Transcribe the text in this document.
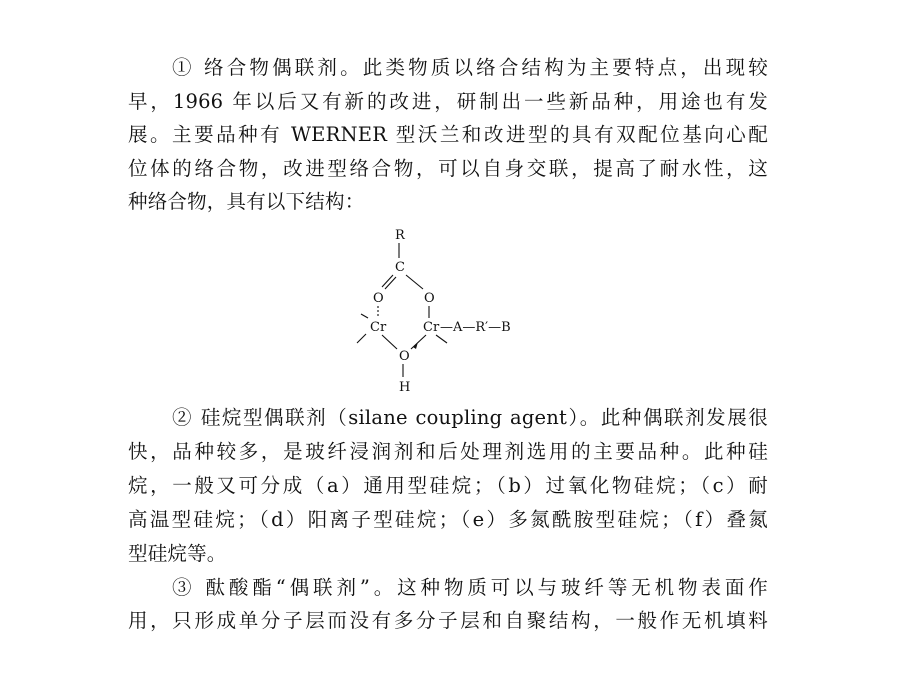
① 络合物偶联剂。此类物质以络合结构为主要特点，出现较
早，1966 年以后又有新的改进，研制出一些新品种，用途也有发
展。主要品种有 WERNER 型沃兰和改进型的具有双配位基向心配
位体的络合物，改进型络合物，可以自身交联，提高了耐水性，这
种络合物，具有以下结构：
R
C
O	O
Cr	Cr —A—R′—B
O
H
② 硅烷型偶联剂（silane coupling agent）。此种偶联剂发展很
快，品种较多，是玻纤浸润剂和后处理剂选用的主要品种。此种硅
烷，一般又可分成（a）通用型硅烷；（b）过氧化物硅烷；（c）耐
高温型硅烷；（d）阳离子型硅烷；（e）多氮酰胺型硅烷；（f）叠氮
型硅烷等。
③ 酞酸酯“偶联剂”。这种物质可以与玻纤等无机物表面作
用，只形成单分子层而没有多分子层和自聚结构，一般作无机填料
